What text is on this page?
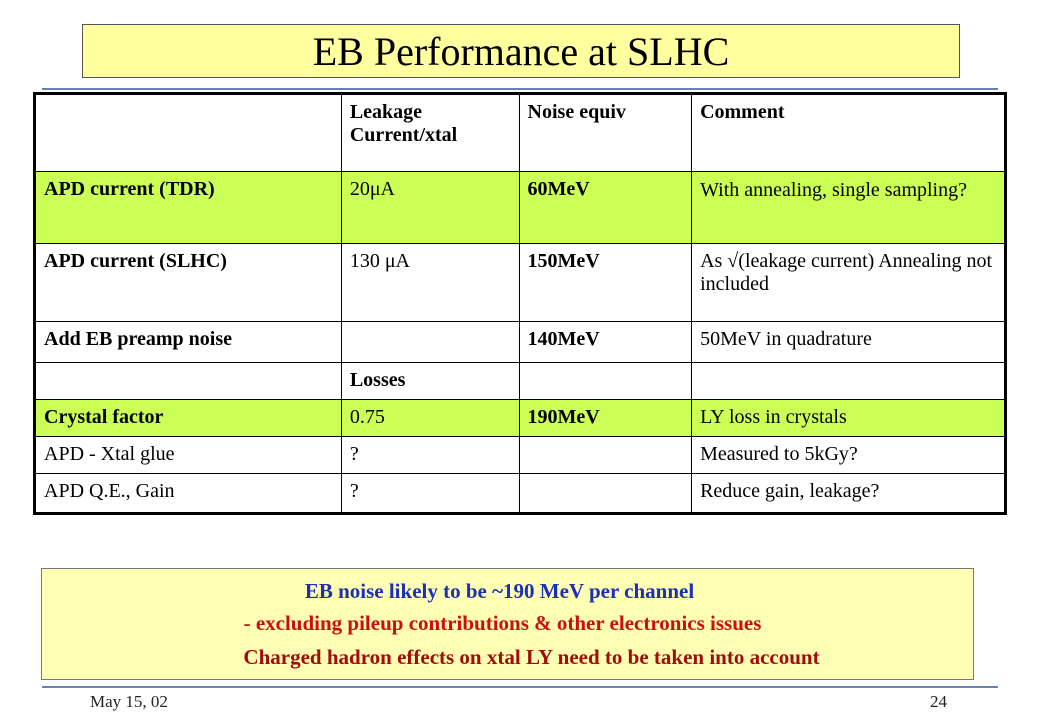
EB Performance at SLHC
	Leakage Current/xtal	Noise equiv	Comment
APD current (TDR)	20μA	60MeV	With annealing, single sampling?
APD current (SLHC)	130 μA	150MeV	As √(leakage current) Annealing not included
Add EB preamp noise		140MeV	50MeV in quadrature
	Losses		
Crystal factor	0.75	190MeV	LY loss in crystals
APD - Xtal glue	?		Measured to 5kGy?
APD Q.E., Gain	?		Reduce gain, leakage?
EB noise likely to be ~190 MeV per channel
- excluding pileup contributions & other electronics issues
Charged hadron effects on xtal LY need to be taken into account
May 15, 02	24
